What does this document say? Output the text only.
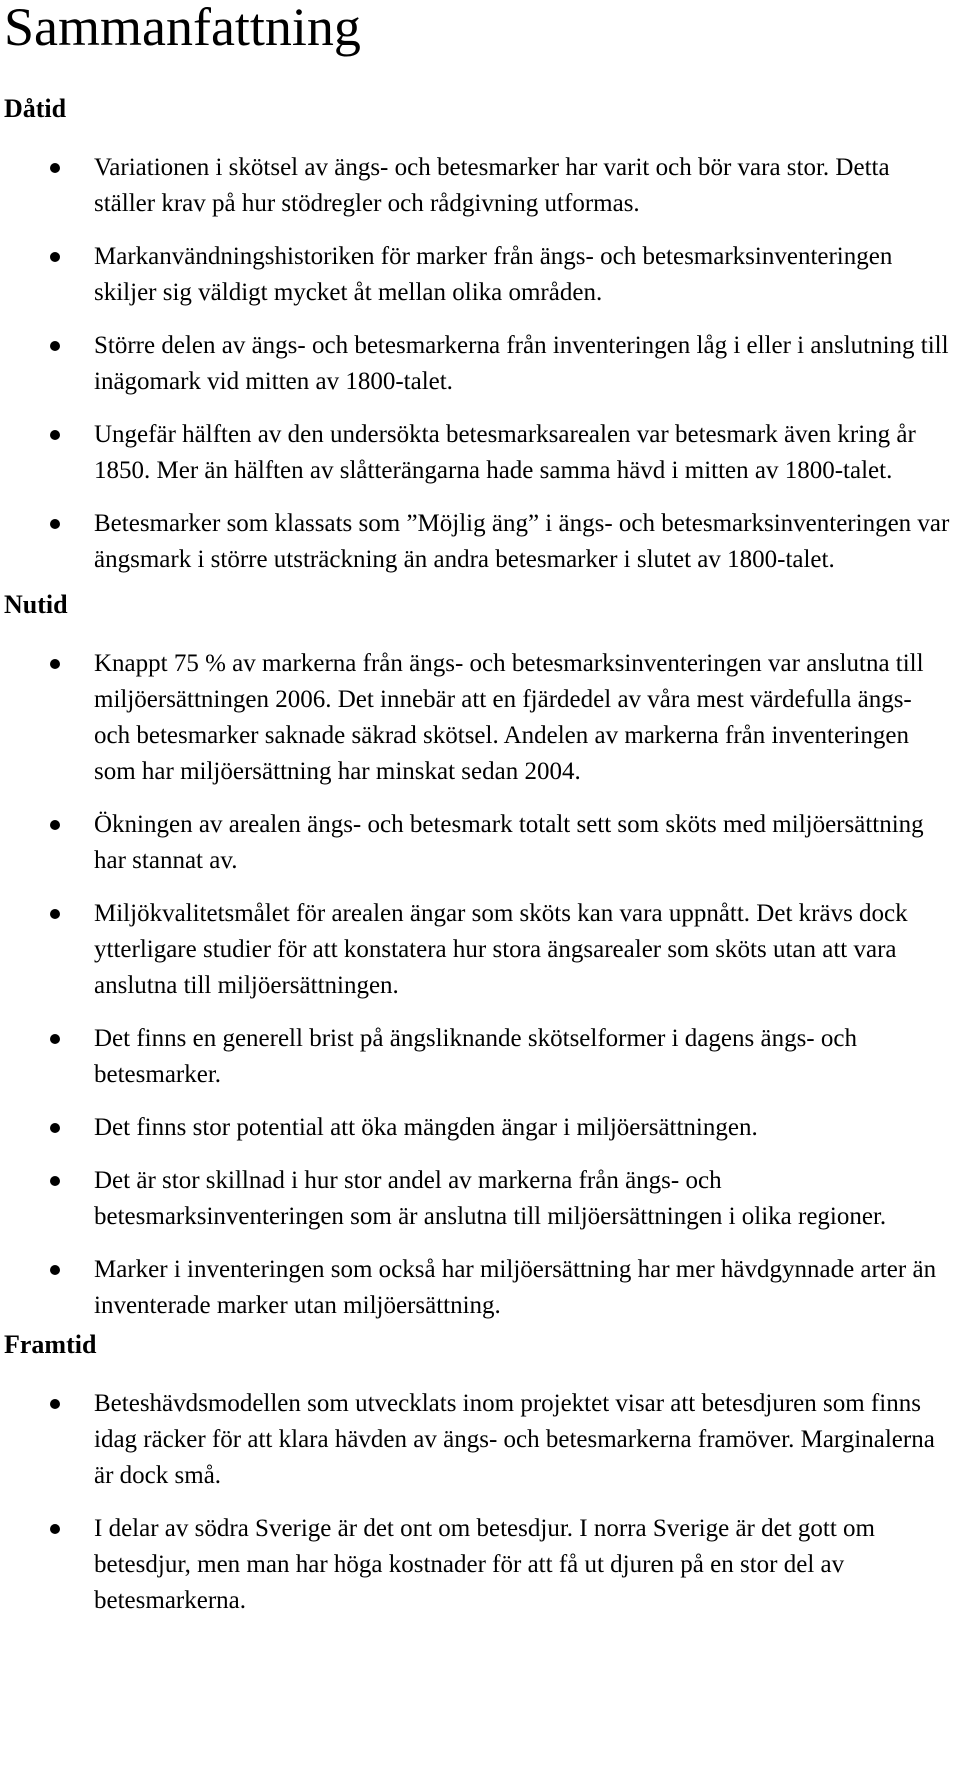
Sammanfattning
Dåtid
Variationen i skötsel av ängs- och betesmarker har varit och bör vara stor. Detta ställer krav på hur stödregler och rådgivning utformas.
Markanvändningshistoriken för marker från ängs- och betesmarksinventeringen skiljer sig väldigt mycket åt mellan olika områden.
Större delen av ängs- och betesmarkerna från inventeringen låg i eller i anslutning till inägomark vid mitten av 1800-talet.
Ungefär hälften av den undersökta betesmarksarealen var betesmark även kring år 1850. Mer än hälften av slåtterängarna hade samma hävd i mitten av 1800-talet.
Betesmarker som klassats som ”Möjlig äng” i ängs- och betesmarksinventeringen var ängsmark i större utsträckning än andra betesmarker i slutet av 1800-talet.
Nutid
Knappt 75 % av markerna från ängs- och betesmarksinventeringen var anslutna till miljöersättningen 2006. Det innebär att en fjärdedel av våra mest värdefulla ängs- och betesmarker saknade säkrad skötsel. Andelen av markerna från inventeringen som har miljöersättning har minskat sedan 2004.
Ökningen av arealen ängs- och betesmark totalt sett som sköts med miljöersättning har stannat av.
Miljökvalitetsmålet för arealen ängar som sköts kan vara uppnått. Det krävs dock ytterligare studier för att konstatera hur stora ängsarealer som sköts utan att vara anslutna till miljöersättningen.
Det finns en generell brist på ängsliknande skötselformer i dagens ängs- och betesmarker.
Det finns stor potential att öka mängden ängar i miljöersättningen.
Det är stor skillnad i hur stor andel av markerna från ängs- och betesmarksinventeringen som är anslutna till miljöersättningen i olika regioner.
Marker i inventeringen som också har miljöersättning har mer hävdgynnade arter än inventerade marker utan miljöersättning.
Framtid
Beteshävdsmodellen som utvecklats inom projektet visar att betesdjuren som finns idag räcker för att klara hävden av ängs- och betesmarkerna framöver. Marginalerna är dock små.
I delar av södra Sverige är det ont om betesdjur. I norra Sverige är det gott om betesdjur, men man har höga kostnader för att få ut djuren på en stor del av betesmarkerna.
